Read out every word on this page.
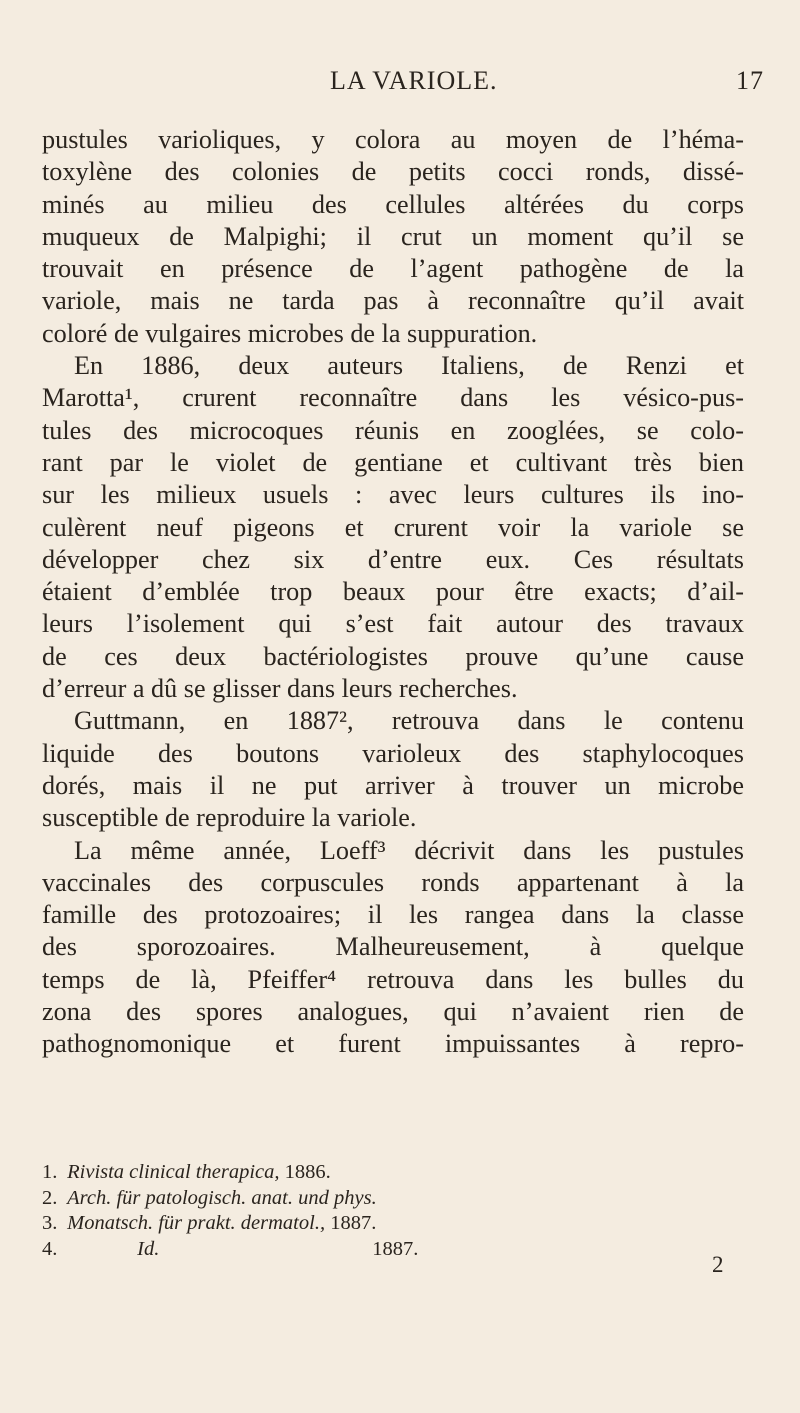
LA VARIOLE.	17
pustules varioliques, y colora au moyen de l’héma-
toxylène des colonies de petits cocci ronds, dissé-
minés au milieu des cellules altérées du corps
muqueux de Malpighi; il crut un moment qu’il se
trouvait en présence de l’agent pathogène de la
variole, mais ne tarda pas à reconnaître qu’il avait
coloré de vulgaires microbes de la suppuration.
En 1886, deux auteurs Italiens, de Renzi et
Marotta¹, crurent reconnaître dans les vésico-pus-
tules des microcoques réunis en zooglées, se colo-
rant par le violet de gentiane et cultivant très bien
sur les milieux usuels : avec leurs cultures ils ino-
culèrent neuf pigeons et crurent voir la variole se
développer chez six d’entre eux. Ces résultats
étaient d’emblée trop beaux pour être exacts; d’ail-
leurs l’isolement qui s’est fait autour des travaux
de ces deux bactériologistes prouve qu’une cause
d’erreur a dû se glisser dans leurs recherches.
Guttmann, en 1887², retrouva dans le contenu
liquide des boutons varioleux des staphylocoques
dorés, mais il ne put arriver à trouver un microbe
susceptible de reproduire la variole.
La même année, Loeff³ décrivit dans les pustules
vaccinales des corpuscules ronds appartenant à la
famille des protozoaires; il les rangea dans la classe
des sporozoaires. Malheureusement, à quelque
temps de là, Pfeiffer⁴ retrouva dans les bulles du
zona des spores analogues, qui n’avaient rien de
pathognomonique et furent impuissantes à repro-
1. Rivista clinical therapica, 1886.
2. Arch. für patologisch. anat. und phys.
3. Monatsch. für prakt. dermatol., 1887.
4.	Id.	1887.
2
